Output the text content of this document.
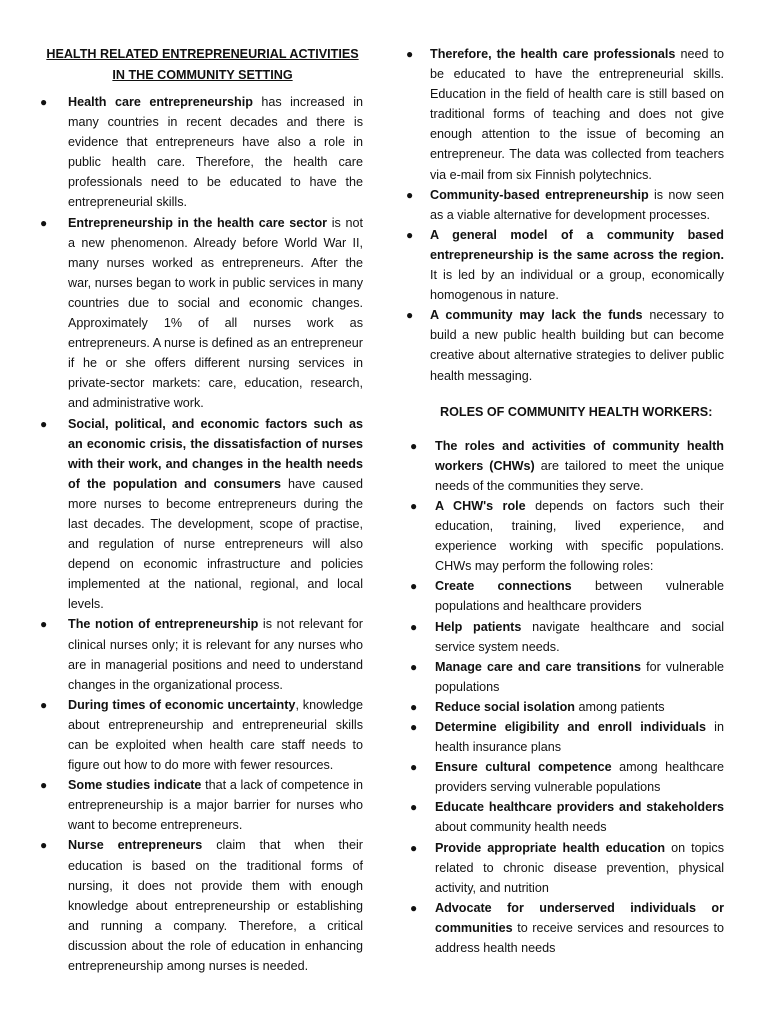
HEALTH RELATED ENTREPRENEURIAL ACTIVITIES IN THE COMMUNITY SETTING
● Health care entrepreneurship has increased in many countries in recent decades and there is evidence that entrepreneurs have also a role in public health care. Therefore, the health care professionals need to be educated to have the entrepreneurial skills.
● Entrepreneurship in the health care sector is not a new phenomenon. Already before World War II, many nurses worked as entrepreneurs. After the war, nurses began to work in public services in many countries due to social and economic changes. Approximately 1% of all nurses work as entrepreneurs. A nurse is defined as an entrepreneur if he or she offers different nursing services in private-sector markets: care, education, research, and administrative work.
● Social, political, and economic factors such as an economic crisis, the dissatisfaction of nurses with their work, and changes in the health needs of the population and consumers have caused more nurses to become entrepreneurs during the last decades. The development, scope of practise, and regulation of nurse entrepreneurs will also depend on economic infrastructure and policies implemented at the national, regional, and local levels.
● The notion of entrepreneurship is not relevant for clinical nurses only; it is relevant for any nurses who are in managerial positions and need to understand changes in the organizational process.
● During times of economic uncertainty, knowledge about entrepreneurship and entrepreneurial skills can be exploited when health care staff needs to figure out how to do more with fewer resources.
● Some studies indicate that a lack of competence in entrepreneurship is a major barrier for nurses who want to become entrepreneurs.
● Nurse entrepreneurs claim that when their education is based on the traditional forms of nursing, it does not provide them with enough knowledge about entrepreneurship or establishing and running a company. Therefore, a critical discussion about the role of education in enhancing entrepreneurship among nurses is needed.
● Therefore, the health care professionals need to be educated to have the entrepreneurial skills. Education in the field of health care is still based on traditional forms of teaching and does not give enough attention to the issue of becoming an entrepreneur. The data was collected from teachers via e-mail from six Finnish polytechnics.
● Community-based entrepreneurship is now seen as a viable alternative for development processes.
● A general model of a community based entrepreneurship is the same across the region. It is led by an individual or a group, economically homogenous in nature.
● A community may lack the funds necessary to build a new public health building but can become creative about alternative strategies to deliver public health messaging.
ROLES OF COMMUNITY HEALTH WORKERS:
● The roles and activities of community health workers (CHWs) are tailored to meet the unique needs of the communities they serve.
● A CHW's role depends on factors such their education, training, lived experience, and experience working with specific populations. CHWs may perform the following roles:
● Create connections between vulnerable populations and healthcare providers
● Help patients navigate healthcare and social service system needs.
● Manage care and care transitions for vulnerable populations
● Reduce social isolation among patients
● Determine eligibility and enroll individuals in health insurance plans
● Ensure cultural competence among healthcare providers serving vulnerable populations
● Educate healthcare providers and stakeholders about community health needs
● Provide appropriate health education on topics related to chronic disease prevention, physical activity, and nutrition
● Advocate for underserved individuals or communities to receive services and resources to address health needs
